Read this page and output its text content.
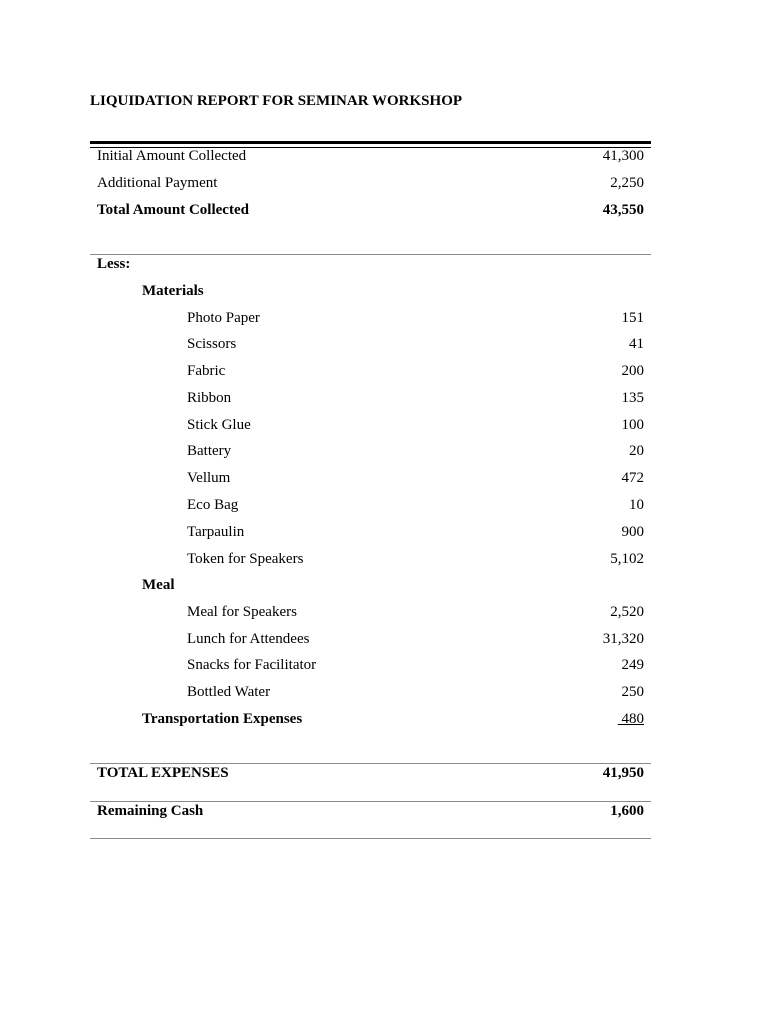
LIQUIDATION REPORT FOR SEMINAR WORKSHOP
Initial Amount Collected	41,300
Additional Payment	2,250
Total Amount Collected	43,550
Less:
Materials
Photo Paper	151
Scissors	41
Fabric	200
Ribbon	135
Stick Glue	100
Battery	20
Vellum	472
Eco Bag	10
Tarpaulin	900
Token for Speakers	5,102
Meal
Meal for Speakers	2,520
Lunch for Attendees	31,320
Snacks for Facilitator	249
Bottled Water	250
Transportation Expenses	480
TOTAL EXPENSES	41,950
Remaining Cash	1,600
